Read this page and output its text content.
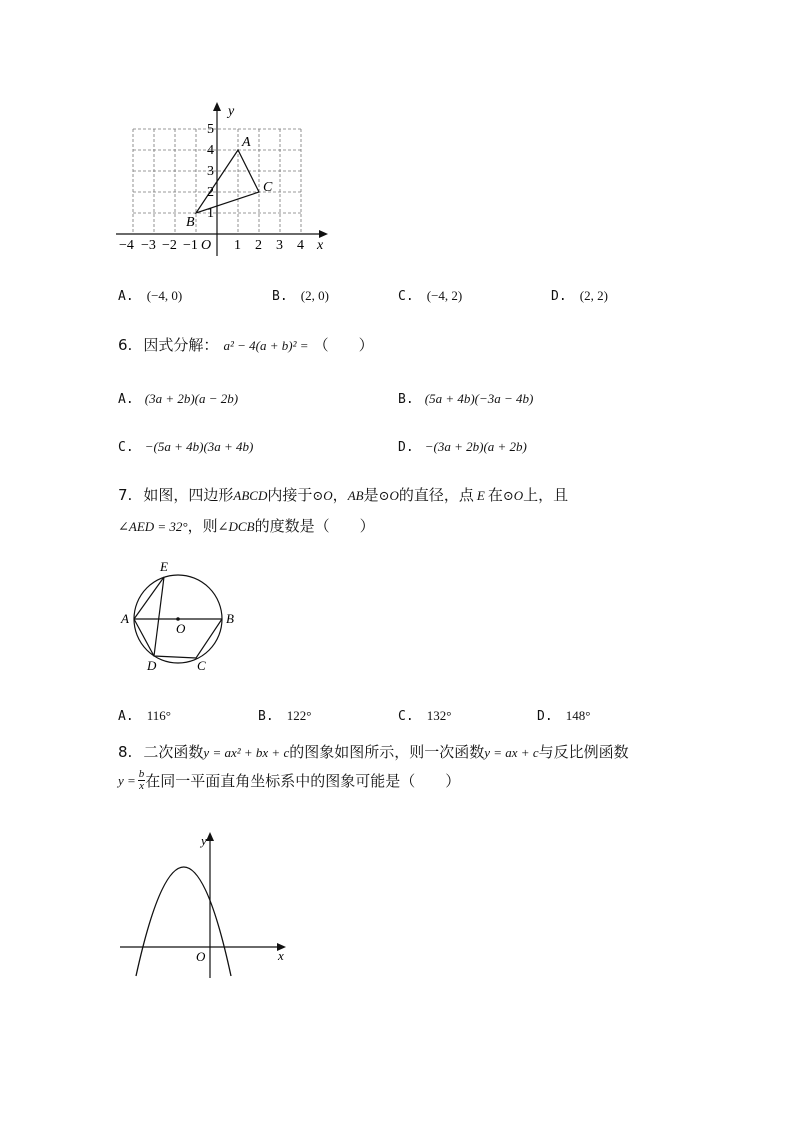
y
x
A
B
C
O
1
2
3
4
5
−4 −3 −2 −1	1 2 3 4
A. (−4, 0)	B. (2, 0)	C. (−4, 2)	D. (2, 2)
6. 因式分解： a² − 4(a + b)² = （　　）
A. (3a + 2b)(a − 2b)	B. (5a + 4b)(−3a − 4b)
C. −(5a + 4b)(3a + 4b)	D. −(3a + 2b)(a + 2b)
7. 如图，四边形ABCD内接于⊙O，AB是⊙O的直径，点 E 在⊙O上，且
∠AED = 32°，则∠DCB的度数是（　　）
E
A	B
O
D	C
A. 116°	B. 122°	C. 132°	D. 148°
8. 二次函数y = ax² + bx + c的图象如图所示，则一次函数y = ax + c与反比例函数
$y = \frac{b}{x}$ 在同一平面直角坐标系中的图象可能是（　　）
y
x
O
